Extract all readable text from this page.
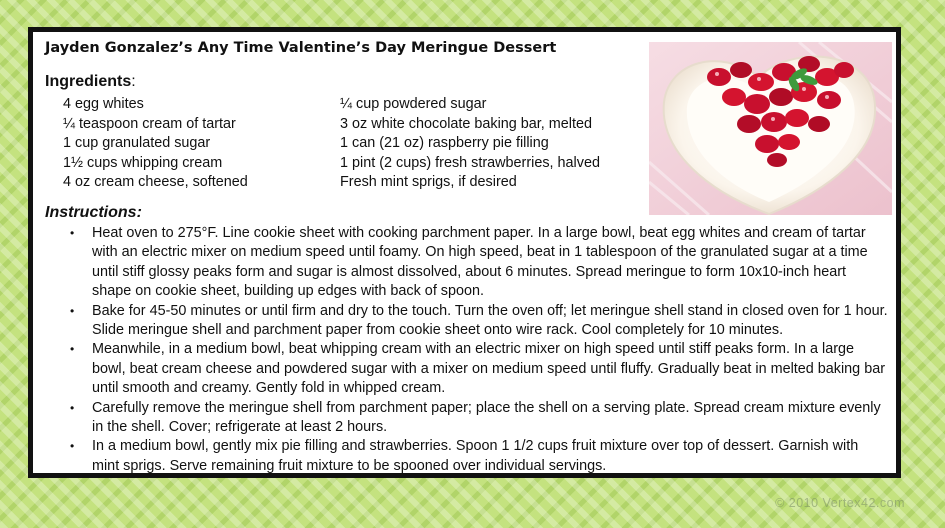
Jayden Gonzalez’s Any Time Valentine’s Day Meringue Dessert
Ingredients:
4 egg whites
¼ teaspoon cream of tartar
1 cup granulated sugar
1½ cups whipping cream
4 oz cream cheese, softened
¼ cup powdered sugar
3 oz white chocolate baking bar, melted
1 can (21 oz) raspberry pie filling
1 pint (2 cups) fresh strawberries, halved
Fresh mint sprigs, if desired
Instructions:
• Heat oven to 275°F. Line cookie sheet with cooking parchment paper. In a large bowl, beat egg whites and cream of tartar with an electric mixer on medium speed until foamy. On high speed, beat in 1 tablespoon of the granulated sugar at a time until stiff glossy peaks form and sugar is almost dissolved, about 6 minutes. Spread meringue to form 10x10-inch heart shape on cookie sheet, building up edges with back of spoon.
• Bake for 45-50 minutes or until firm and dry to the touch. Turn the oven off; let meringue shell stand in closed oven for 1 hour. Slide meringue shell and parchment paper from cookie sheet onto wire rack. Cool completely for 10 minutes.
• Meanwhile, in a medium bowl, beat whipping cream with an electric mixer on high speed until stiff peaks form. In a large bowl, beat cream cheese and powdered sugar with a mixer on medium speed until fluffy. Gradually beat in melted baking bar until smooth and creamy. Gently fold in whipped cream.
• Carefully remove the meringue shell from parchment paper; place the shell on a serving plate. Spread cream mixture evenly in the shell. Cover; refrigerate at least 2 hours.
• In a medium bowl, gently mix pie filling and strawberries. Spoon 1 1/2 cups fruit mixture over top of dessert. Garnish with mint sprigs. Serve remaining fruit mixture to be spooned over individual servings.
© 2010 Vertex42.com
